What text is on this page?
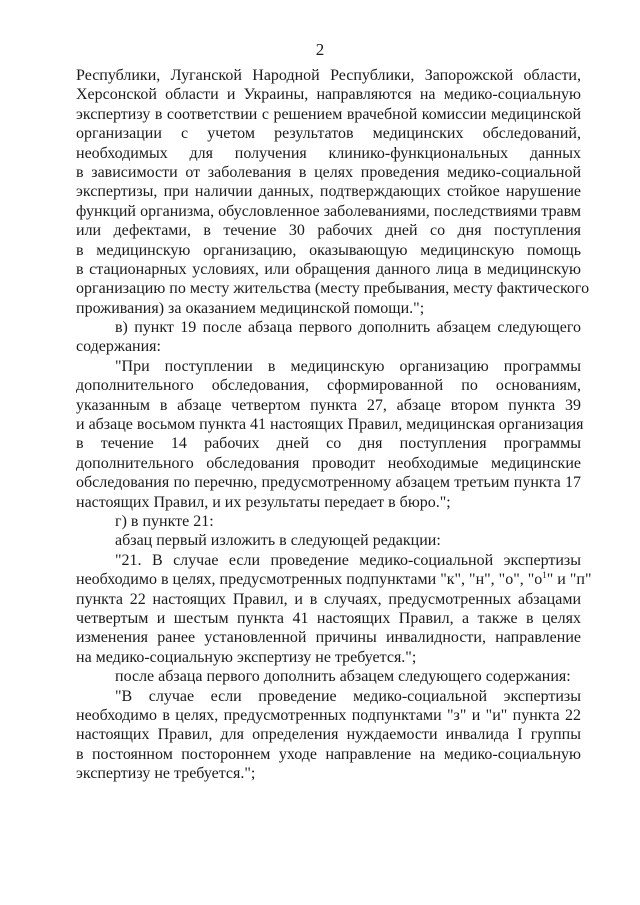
2
Республики, Луганской Народной Республики, Запорожской области,
Херсонской области и Украины, направляются на медико-социальную
экспертизу в соответствии с решением врачебной комиссии медицинской
организации с учетом результатов медицинских обследований,
необходимых для получения клинико-функциональных данных
в зависимости от заболевания в целях проведения медико-социальной
экспертизы, при наличии данных, подтверждающих стойкое нарушение
функций организма, обусловленное заболеваниями, последствиями травм
или дефектами, в течение 30 рабочих дней со дня поступления
в медицинскую организацию, оказывающую медицинскую помощь
в стационарных условиях, или обращения данного лица в медицинскую
организацию по месту жительства (месту пребывания, месту фактического
проживания) за оказанием медицинской помощи.";
в) пункт 19 после абзаца первого дополнить абзацем следующего
содержания:
"При поступлении в медицинскую организацию программы
дополнительного обследования, сформированной по основаниям,
указанным в абзаце четвертом пункта 27, абзаце втором пункта 39
и абзаце восьмом пункта 41 настоящих Правил, медицинская организация
в течение 14 рабочих дней со дня поступления программы
дополнительного обследования проводит необходимые медицинские
обследования по перечню, предусмотренному абзацем третьим пункта 17
настоящих Правил, и их результаты передает в бюро.";
г) в пункте 21:
абзац первый изложить в следующей редакции:
"21. В случае если проведение медико-социальной экспертизы
необходимо в целях, предусмотренных подпунктами "к", "н", "о", "$о^1$" и "п"
пункта 22 настоящих Правил, и в случаях, предусмотренных абзацами
четвертым и шестым пункта 41 настоящих Правил, а также в целях
изменения ранее установленной причины инвалидности, направление
на медико-социальную экспертизу не требуется.";
после абзаца первого дополнить абзацем следующего содержания:
"В случае если проведение медико-социальной экспертизы
необходимо в целях, предусмотренных подпунктами "з" и "и" пункта 22
настоящих Правил, для определения нуждаемости инвалида I группы
в постоянном постороннем уходе направление на медико-социальную
экспертизу не требуется.";
